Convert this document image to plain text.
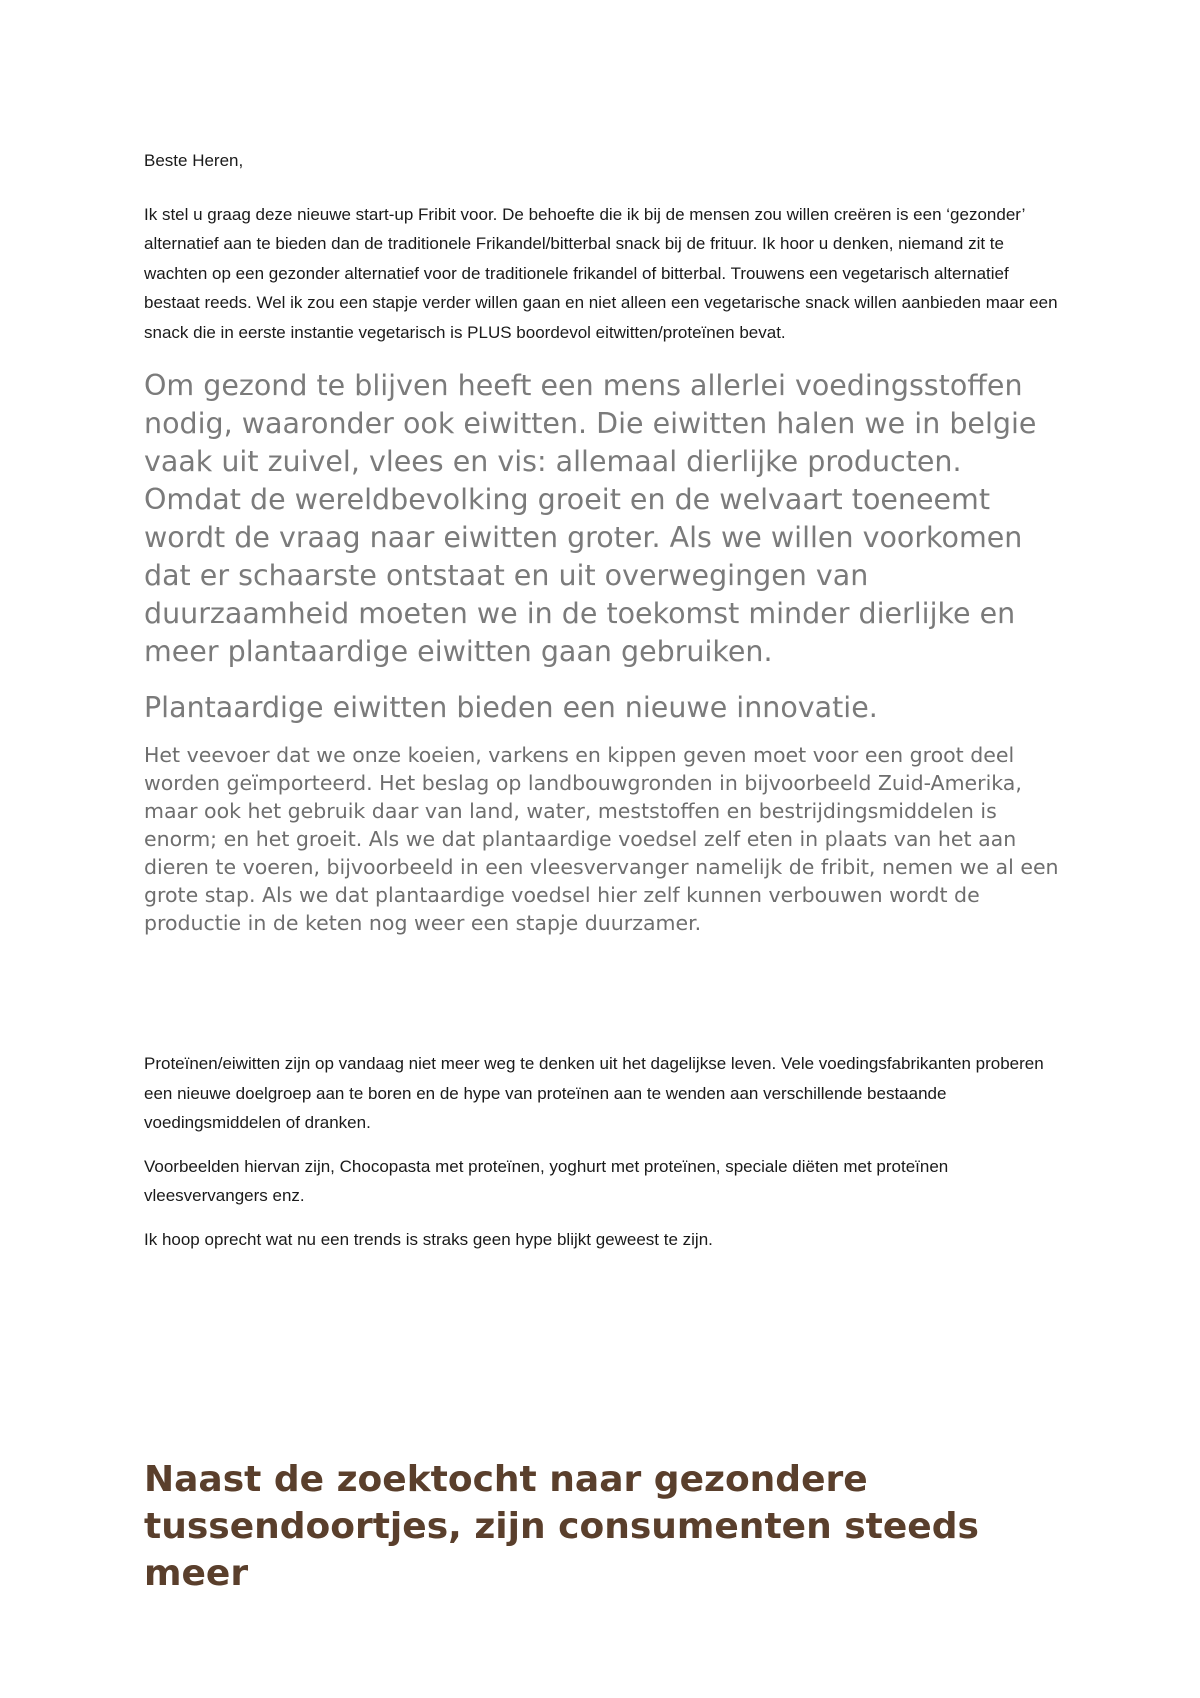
Beste Heren,

Ik stel u graag deze nieuwe start-up Fribit voor. De behoefte die ik bij de mensen zou willen creëren is een ‘gezonder’ alternatief aan te bieden dan de traditionele Frikandel/bitterbal snack bij de frituur. Ik hoor u denken, niemand zit te wachten op een gezonder alternatief voor de traditionele frikandel of bitterbal. Trouwens een vegetarisch alternatief bestaat reeds. Wel ik zou een stapje verder willen gaan en niet alleen een vegetarische snack willen aanbieden maar een snack die in eerste instantie vegetarisch is PLUS boordevol eitwitten/proteïnen bevat.

Om gezond te blijven heeft een mens allerlei voedingsstoffen nodig, waaronder ook eiwitten. Die eiwitten halen we in belgie vaak uit zuivel, vlees en vis: allemaal dierlijke producten. Omdat de wereldbevolking groeit en de welvaart toeneemt wordt de vraag naar eiwitten groter. Als we willen voorkomen dat er schaarste ontstaat en uit overwegingen van duurzaamheid moeten we in de toekomst minder dierlijke en meer plantaardige eiwitten gaan gebruiken.

Plantaardige eiwitten bieden een nieuwe innovatie.

Het veevoer dat we onze koeien, varkens en kippen geven moet voor een groot deel worden geïmporteerd. Het beslag op landbouwgronden in bijvoorbeeld Zuid-Amerika, maar ook het gebruik daar van land, water, meststoffen en bestrijdingsmiddelen is enorm; en het groeit. Als we dat plantaardige voedsel zelf eten in plaats van het aan dieren te voeren, bijvoorbeeld in een vleesvervanger namelijk de fribit, nemen we al een grote stap. Als we dat plantaardige voedsel hier zelf kunnen verbouwen wordt de productie in de keten nog weer een stapje duurzamer.

Proteïnen/eiwitten zijn op vandaag niet meer weg te denken uit het dagelijkse leven. Vele voedingsfabrikanten proberen een nieuwe doelgroep aan te boren en de hype van proteïnen aan te wenden aan verschillende bestaande voedingsmiddelen of dranken.

Voorbeelden hiervan zijn, Chocopasta met proteïnen, yoghurt met proteïnen, speciale diëten met proteïnen vleesvervangers enz.

Ik hoop oprecht wat nu een trends is straks geen hype blijkt geweest te zijn.

Naast de zoektocht naar gezondere tussendoortjes, zijn consumenten steeds meer
